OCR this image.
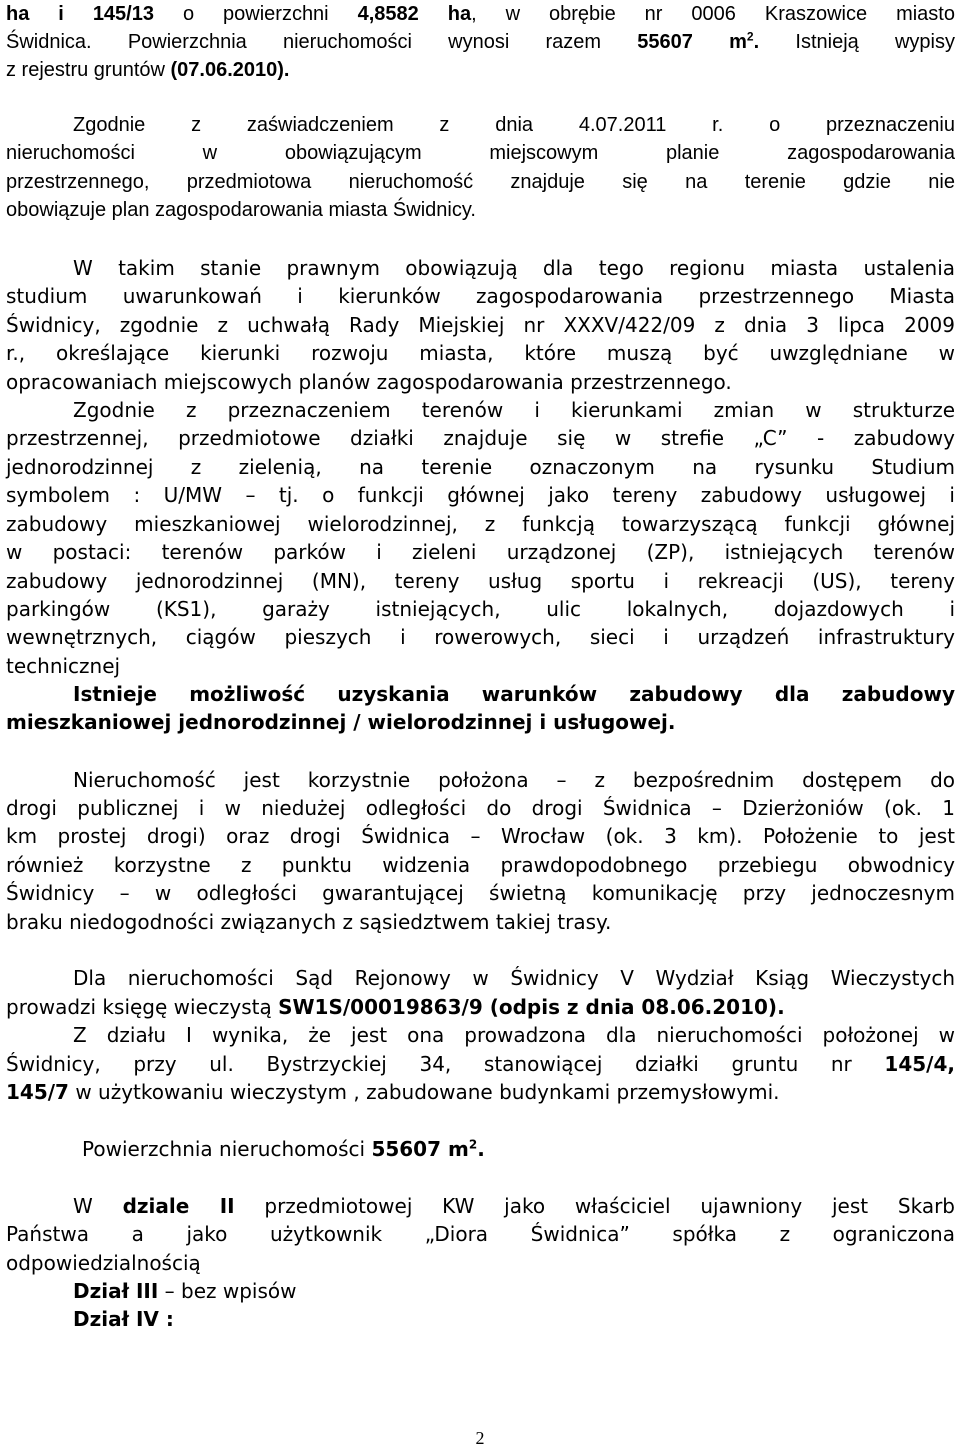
ha i 145/13 o powierzchni 4,8582 ha, w obrębie nr 0006 Kraszowice miasto
Świdnica. Powierzchnia nieruchomości wynosi razem 55607 $m^2$. Istnieją wypisy
z rejestru gruntów (07.06.2010).
Zgodnie z zaświadczeniem z dnia 4.07.2011 r. o przeznaczeniu
nieruchomości w obowiązującym miejscowym planie zagospodarowania
przestrzennego, przedmiotowa nieruchomość znajduje się na terenie gdzie nie
obowiązuje plan zagospodarowania miasta Świdnicy.
W takim stanie prawnym obowiązują dla tego regionu miasta ustalenia
studium uwarunkowań i kierunków zagospodarowania przestrzennego Miasta
Świdnicy, zgodnie z uchwałą Rady Miejskiej nr XXXV/422/09 z dnia 3 lipca 2009
r., określające kierunki rozwoju miasta, które muszą być uwzględniane w
opracowaniach miejscowych planów zagospodarowania przestrzennego.
Zgodnie z przeznaczeniem terenów i kierunkami zmian w strukturze
przestrzennej, przedmiotowe działki znajduje się w strefie „C” - zabudowy
jednorodzinnej z zielenią, na terenie oznaczonym na rysunku Studium
symbolem : U/MW – tj. o funkcji głównej jako tereny zabudowy usługowej i
zabudowy mieszkaniowej wielorodzinnej, z funkcją towarzyszącą funkcji głównej
w postaci: terenów parków i zieleni urządzonej (ZP), istniejących terenów
zabudowy jednorodzinnej (MN), tereny usług sportu i rekreacji (US), tereny
parkingów (KS1), garaży istniejących, ulic lokalnych, dojazdowych i
wewnętrznych, ciągów pieszych i rowerowych, sieci i urządzeń infrastruktury
technicznej
Istnieje możliwość uzyskania warunków zabudowy dla zabudowy
mieszkaniowej jednorodzinnej / wielorodzinnej i usługowej.
Nieruchomość jest korzystnie położona – z bezpośrednim dostępem do
drogi publicznej i w niedużej odległości do drogi Świdnica – Dzierżoniów (ok. 1
km prostej drogi) oraz drogi Świdnica – Wrocław (ok. 3 km). Położenie to jest
również korzystne z punktu widzenia prawdopodobnego przebiegu obwodnicy
Świdnicy – w odległości gwarantującej świetną komunikację przy jednoczesnym
braku niedogodności związanych z sąsiedztwem takiej trasy.
Dla nieruchomości Sąd Rejonowy w Świdnicy V Wydział Ksiąg Wieczystych
prowadzi księgę wieczystą SW1S/00019863/9 (odpis z dnia 08.06.2010).
Z działu I wynika, że jest ona prowadzona dla nieruchomości położonej w
Świdnicy, przy ul. Bystrzyckiej 34, stanowiącej działki gruntu nr 145/4,
145/7 w użytkowaniu wieczystym , zabudowane budynkami przemysłowymi.
Powierzchnia nieruchomości 55607 $m^2$.
W dziale II przedmiotowej KW jako właściciel ujawniony jest Skarb
Państwa a jako użytkownik „Diora Świdnica” spółka z ograniczona
odpowiedzialnością
Dział III – bez wpisów
Dział IV :
2
